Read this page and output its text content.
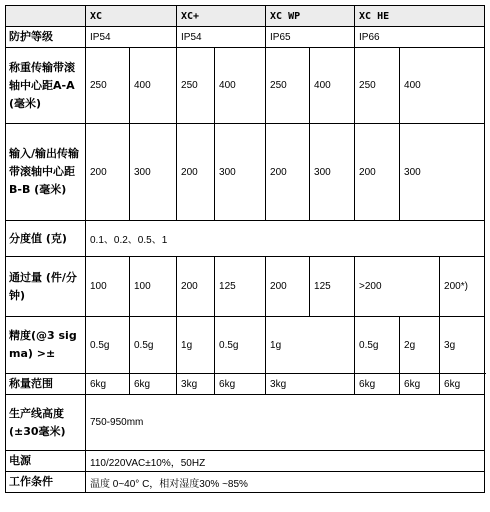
	XC		XC+		XC WP		XC HE		
防护等级	IP54		IP54		IP65		IP66		
称重传输带滚轴中心距A-A (毫米)	250	400	250	400	250	400	250	400	
输入/输出传输带滚轴中心距B-B (毫米)	200	300	200	300	200	300	200	300	
分度值 (克)	0.1、0.2、0.5、1								
通过量 (件/分钟)	100	100	200	125	200	125	>200		200*)
精度(@3 sigma) >±	0.5g	0.5g	1g	0.5g	1g		0.5g	2g	3g
称量范围	6kg	6kg	3kg	6kg	3kg		6kg	6kg	6kg
生产线高度(±30毫米)	750-950mm								
电源	110/220VAC±10%，50HZ								
工作条件	温度 0~40° C，相对湿度30% ~85%								
